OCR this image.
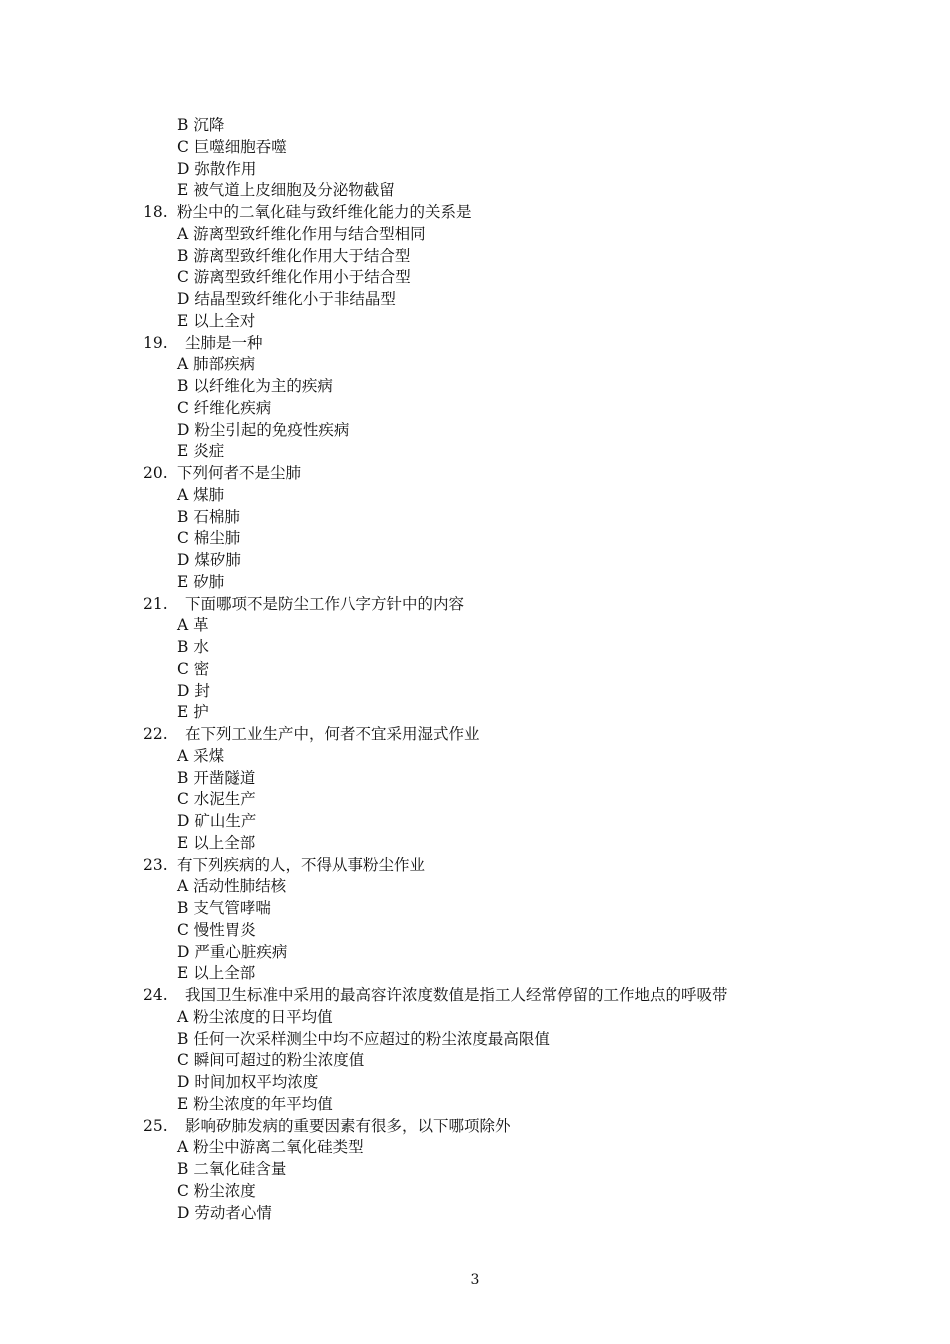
B 沉降
C 巨噬细胞吞噬
D 弥散作用
E 被气道上皮细胞及分泌物截留
18. 粉尘中的二氧化硅与致纤维化能力的关系是
A 游离型致纤维化作用与结合型相同
B 游离型致纤维化作用大于结合型
C 游离型致纤维化作用小于结合型
D 结晶型致纤维化小于非结晶型
E 以上全对
19. 尘肺是一种
A 肺部疾病
B 以纤维化为主的疾病
C 纤维化疾病
D 粉尘引起的免疫性疾病
E 炎症
20. 下列何者不是尘肺
A 煤肺
B 石棉肺
C 棉尘肺
D 煤矽肺
E 矽肺
21. 下面哪项不是防尘工作八字方针中的内容
A 革
B 水
C 密
D 封
E 护
22. 在下列工业生产中，何者不宜采用湿式作业
A 采煤
B 开凿隧道
C 水泥生产
D 矿山生产
E 以上全部
23. 有下列疾病的人，不得从事粉尘作业
A 活动性肺结核
B 支气管哮喘
C 慢性胃炎
D 严重心脏疾病
E 以上全部
24. 我国卫生标准中采用的最高容许浓度数值是指工人经常停留的工作地点的呼吸带
A 粉尘浓度的日平均值
B 任何一次采样测尘中均不应超过的粉尘浓度最高限值
C 瞬间可超过的粉尘浓度值
D 时间加权平均浓度
E 粉尘浓度的年平均值
25. 影响矽肺发病的重要因素有很多，以下哪项除外
A 粉尘中游离二氧化硅类型
B 二氧化硅含量
C 粉尘浓度
D 劳动者心情
3
